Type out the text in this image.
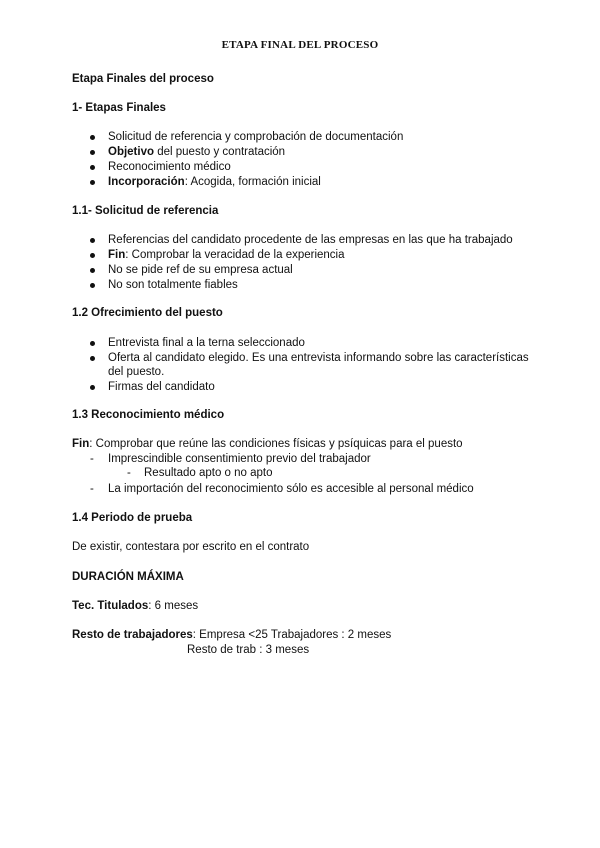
ETAPA FINAL DEL PROCESO
Etapa Finales del proceso
1- Etapas Finales
Solicitud de referencia y comprobación de documentación
Objetivo del puesto y contratación
Reconocimiento médico
Incorporación: Acogida, formación inicial
1.1- Solicitud de referencia
Referencias del candidato procedente de las empresas en las que ha trabajado
Fin: Comprobar la veracidad de la experiencia
No se pide ref de su empresa actual
No son totalmente fiables
1.2 Ofrecimiento del puesto
Entrevista final a la terna seleccionado
Oferta al candidato elegido. Es una entrevista informando sobre las características
del puesto.
Firmas del candidato
1.3 Reconocimiento médico
Fin: Comprobar que reúne las condiciones físicas y psíquicas para el puesto
- Imprescindible consentimiento previo del trabajador
- Resultado apto o no apto
- La importación del reconocimiento sólo es accesible al personal médico
1.4 Periodo de prueba
De existir, contestara por escrito en el contrato
DURACIÓN MÁXIMA
Tec. Titulados: 6 meses
Resto de trabajadores: Empresa <25 Trabajadores : 2 meses
Resto de trab : 3 meses
